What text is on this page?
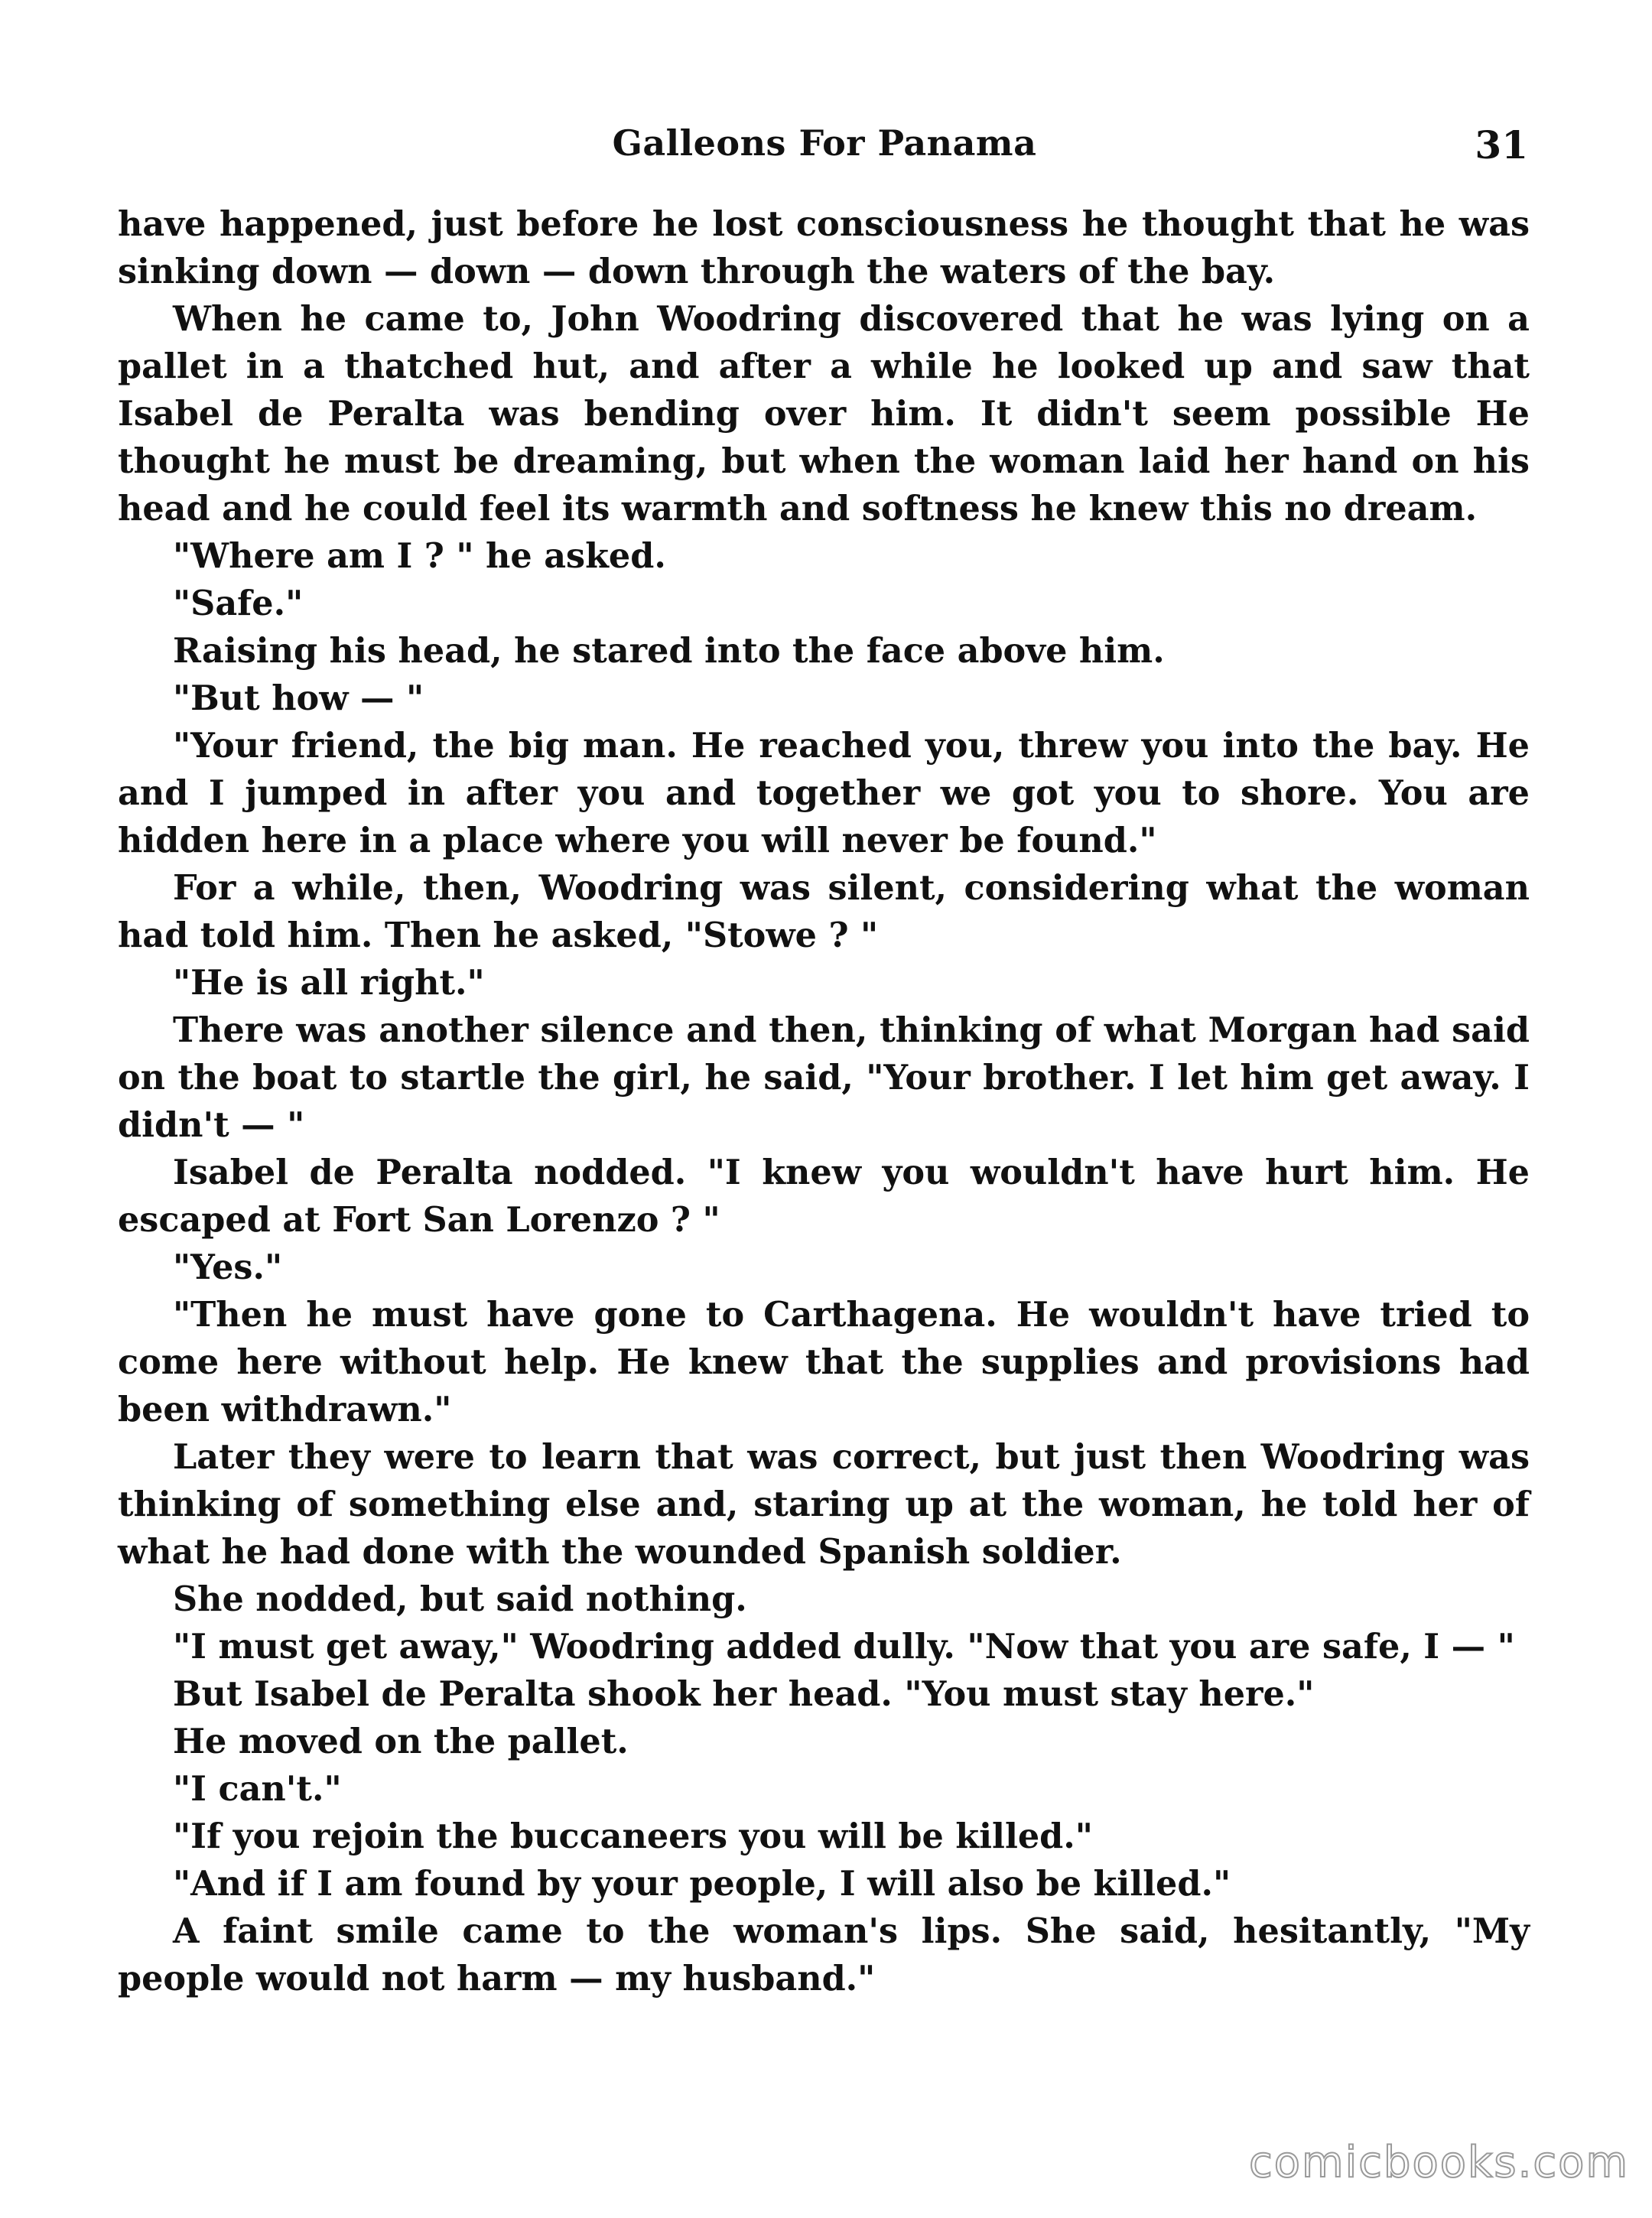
Galleons For Panama	31

have happened, just before he lost consciousness he thought that he was sinking down — down — down through the waters of the bay.

When he came to, John Woodring discovered that he was lying on a pallet in a thatched hut, and after a while he looked up and saw that Isabel de Peralta was bending over him. It didn't seem possible He thought he must be dreaming, but when the woman laid her hand on his head and he could feel its warmth and softness he knew this no dream.

"Where am I ? " he asked.

"Safe."

Raising his head, he stared into the face above him.

"But how — "

"Your friend, the big man. He reached you, threw you into the bay. He and I jumped in after you and together we got you to shore. You are hidden here in a place where you will never be found."

For a while, then, Woodring was silent, considering what the woman had told him. Then he asked, "Stowe ? "

"He is all right."

There was another silence and then, thinking of what Morgan had said on the boat to startle the girl, he said, "Your brother. I let him get away. I didn't — "

Isabel de Peralta nodded. "I knew you wouldn't have hurt him. He escaped at Fort San Lorenzo ? "

"Yes."

"Then he must have gone to Carthagena. He wouldn't have tried to come here without help. He knew that the supplies and provisions had been withdrawn."

Later they were to learn that was correct, but just then Woodring was thinking of something else and, staring up at the woman, he told her of what he had done with the wounded Spanish soldier.

She nodded, but said nothing.

"I must get away," Woodring added dully. "Now that you are safe, I — "

But Isabel de Peralta shook her head. "You must stay here."

He moved on the pallet.

"I can't."

"If you rejoin the buccaneers you will be killed."

"And if I am found by your people, I will also be killed."

A faint smile came to the woman's lips. She said, hesitantly, "My people would not harm — my husband."

comicbooks.com
